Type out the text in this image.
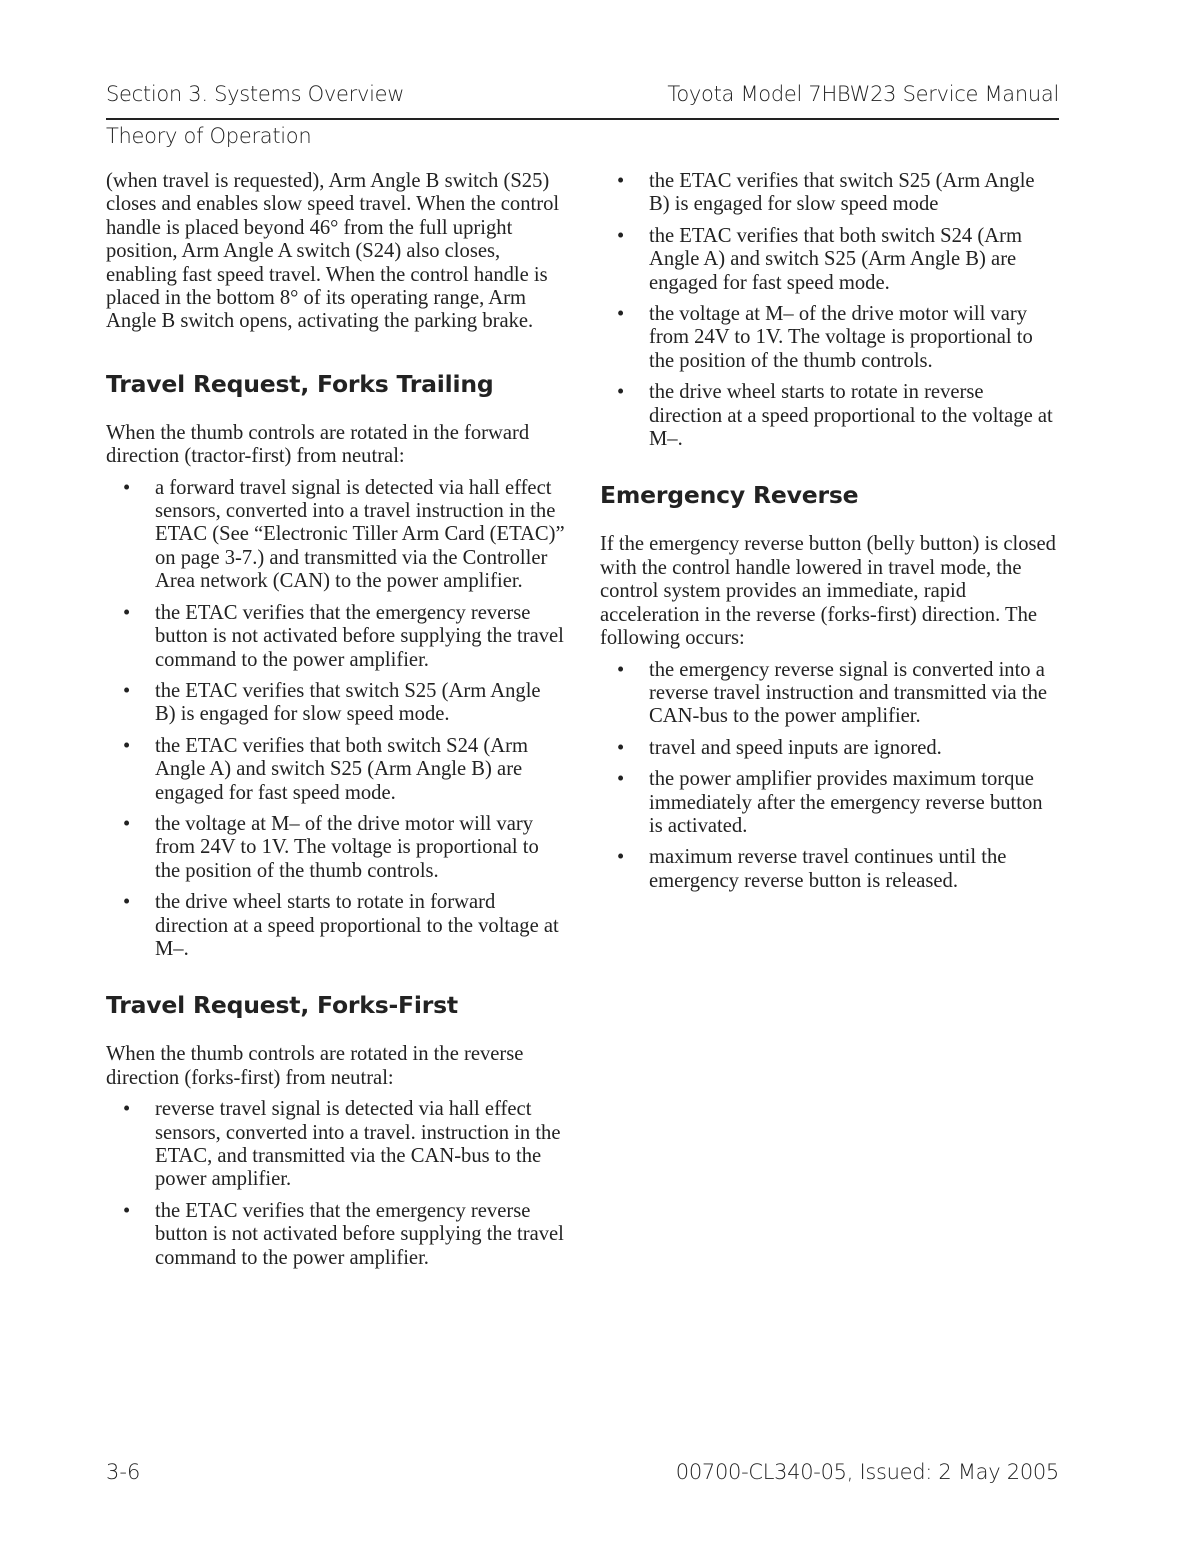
Section 3. Systems Overview	Toyota Model 7HBW23 Service Manual
Theory of Operation

(when travel is requested), Arm Angle B switch (S25) closes and enables slow speed travel. When the control handle is placed beyond 46° from the full upright position, Arm Angle A switch (S24) also closes, enabling fast speed travel. When the control handle is placed in the bottom 8° of its operating range, Arm Angle B switch opens, activating the parking brake.

Travel Request, Forks Trailing

When the thumb controls are rotated in the forward direction (tractor-first) from neutral:

• a forward travel signal is detected via hall effect sensors, converted into a travel instruction in the ETAC (See “Electronic Tiller Arm Card (ETAC)” on page 3-7.) and transmitted via the Controller Area network (CAN) to the power amplifier.
• the ETAC verifies that the emergency reverse button is not activated before supplying the travel command to the power amplifier.
• the ETAC verifies that switch S25 (Arm Angle B) is engaged for slow speed mode.
• the ETAC verifies that both switch S24 (Arm Angle A) and switch S25 (Arm Angle B) are engaged for fast speed mode.
• the voltage at M– of the drive motor will vary from 24V to 1V. The voltage is proportional to the position of the thumb controls.
• the drive wheel starts to rotate in forward direction at a speed proportional to the voltage at M–.
Travel Request, Forks-First

When the thumb controls are rotated in the reverse direction (forks-first) from neutral:

• reverse travel signal is detected via hall effect sensors, converted into a travel. instruction in the ETAC, and transmitted via the CAN-bus to the power amplifier.
• the ETAC verifies that the emergency reverse button is not activated before supplying the travel command to the power amplifier.
• the ETAC verifies that switch S25 (Arm Angle B) is engaged for slow speed mode
• the ETAC verifies that both switch S24 (Arm Angle A) and switch S25 (Arm Angle B) are engaged for fast speed mode.
• the voltage at M– of the drive motor will vary from 24V to 1V. The voltage is proportional to the position of the thumb controls.
• the drive wheel starts to rotate in reverse direction at a speed proportional to the voltage at M–.
Emergency Reverse

If the emergency reverse button (belly button) is closed with the control handle lowered in travel mode, the control system provides an immediate, rapid acceleration in the reverse (forks-first) direction. The following occurs:

• the emergency reverse signal is converted into a reverse travel instruction and transmitted via the CAN-bus to the power amplifier.
• travel and speed inputs are ignored.
• the power amplifier provides maximum torque immediately after the emergency reverse button is activated.
• maximum reverse travel continues until the emergency reverse button is released.
3-6	00700-CL340-05, Issued: 2 May 2005
